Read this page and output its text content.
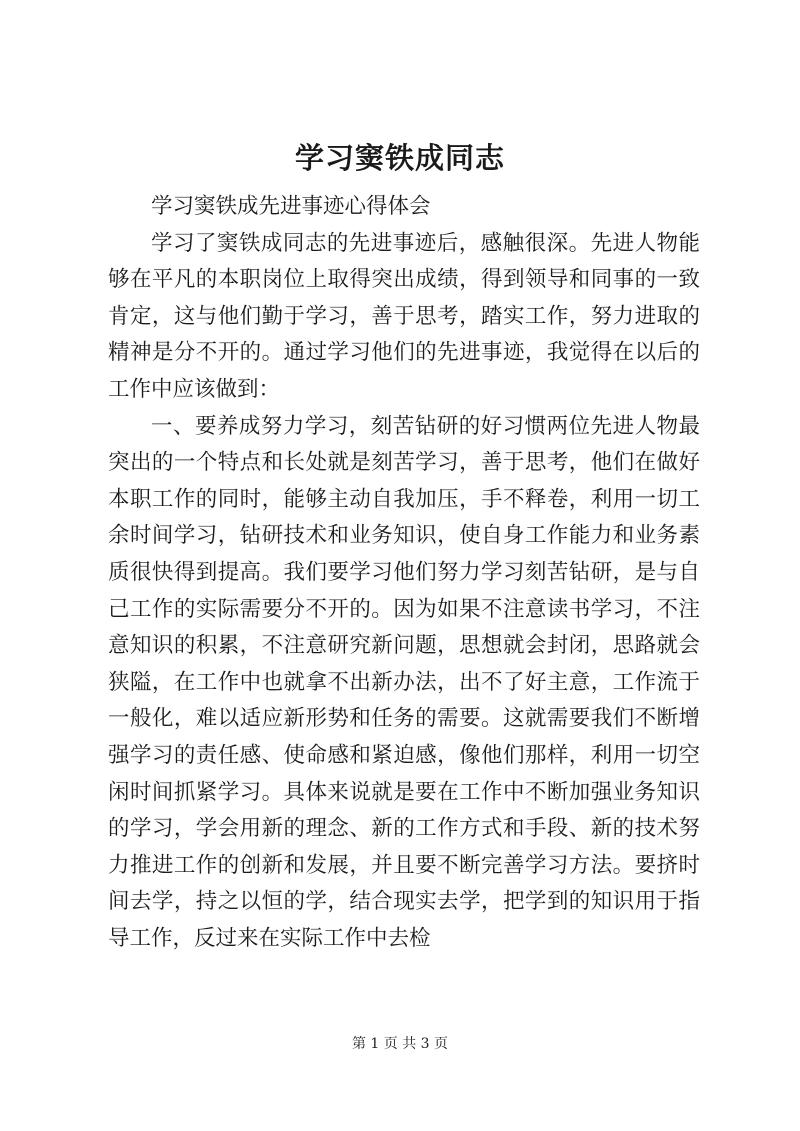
学习窦铁成同志

学习窦铁成先进事迹心得体会

学习了窦铁成同志的先进事迹后，感触很深。先进人物能够在平凡的本职岗位上取得突出成绩，得到领导和同事的一致肯定，这与他们勤于学习，善于思考，踏实工作，努力进取的精神是分不开的。通过学习他们的先进事迹，我觉得在以后的工作中应该做到：

一、要养成努力学习，刻苦钻研的好习惯两位先进人物最突出的一个特点和长处就是刻苦学习，善于思考，他们在做好本职工作的同时，能够主动自我加压，手不释卷，利用一切工余时间学习，钻研技术和业务知识，使自身工作能力和业务素质很快得到提高。我们要学习他们努力学习刻苦钻研，是与自己工作的实际需要分不开的。因为如果不注意读书学习，不注意知识的积累，不注意研究新问题，思想就会封闭，思路就会狭隘，在工作中也就拿不出新办法，出不了好主意，工作流于一般化，难以适应新形势和任务的需要。这就需要我们不断增强学习的责任感、使命感和紧迫感，像他们那样，利用一切空闲时间抓紧学习。具体来说就是要在工作中不断加强业务知识的学习，学会用新的理念、新的工作方式和手段、新的技术努力推进工作的创新和发展，并且要不断完善学习方法。要挤时间去学，持之以恒的学，结合现实去学，把学到的知识用于指导工作，反过来在实际工作中去检

第 1 页 共 3 页
